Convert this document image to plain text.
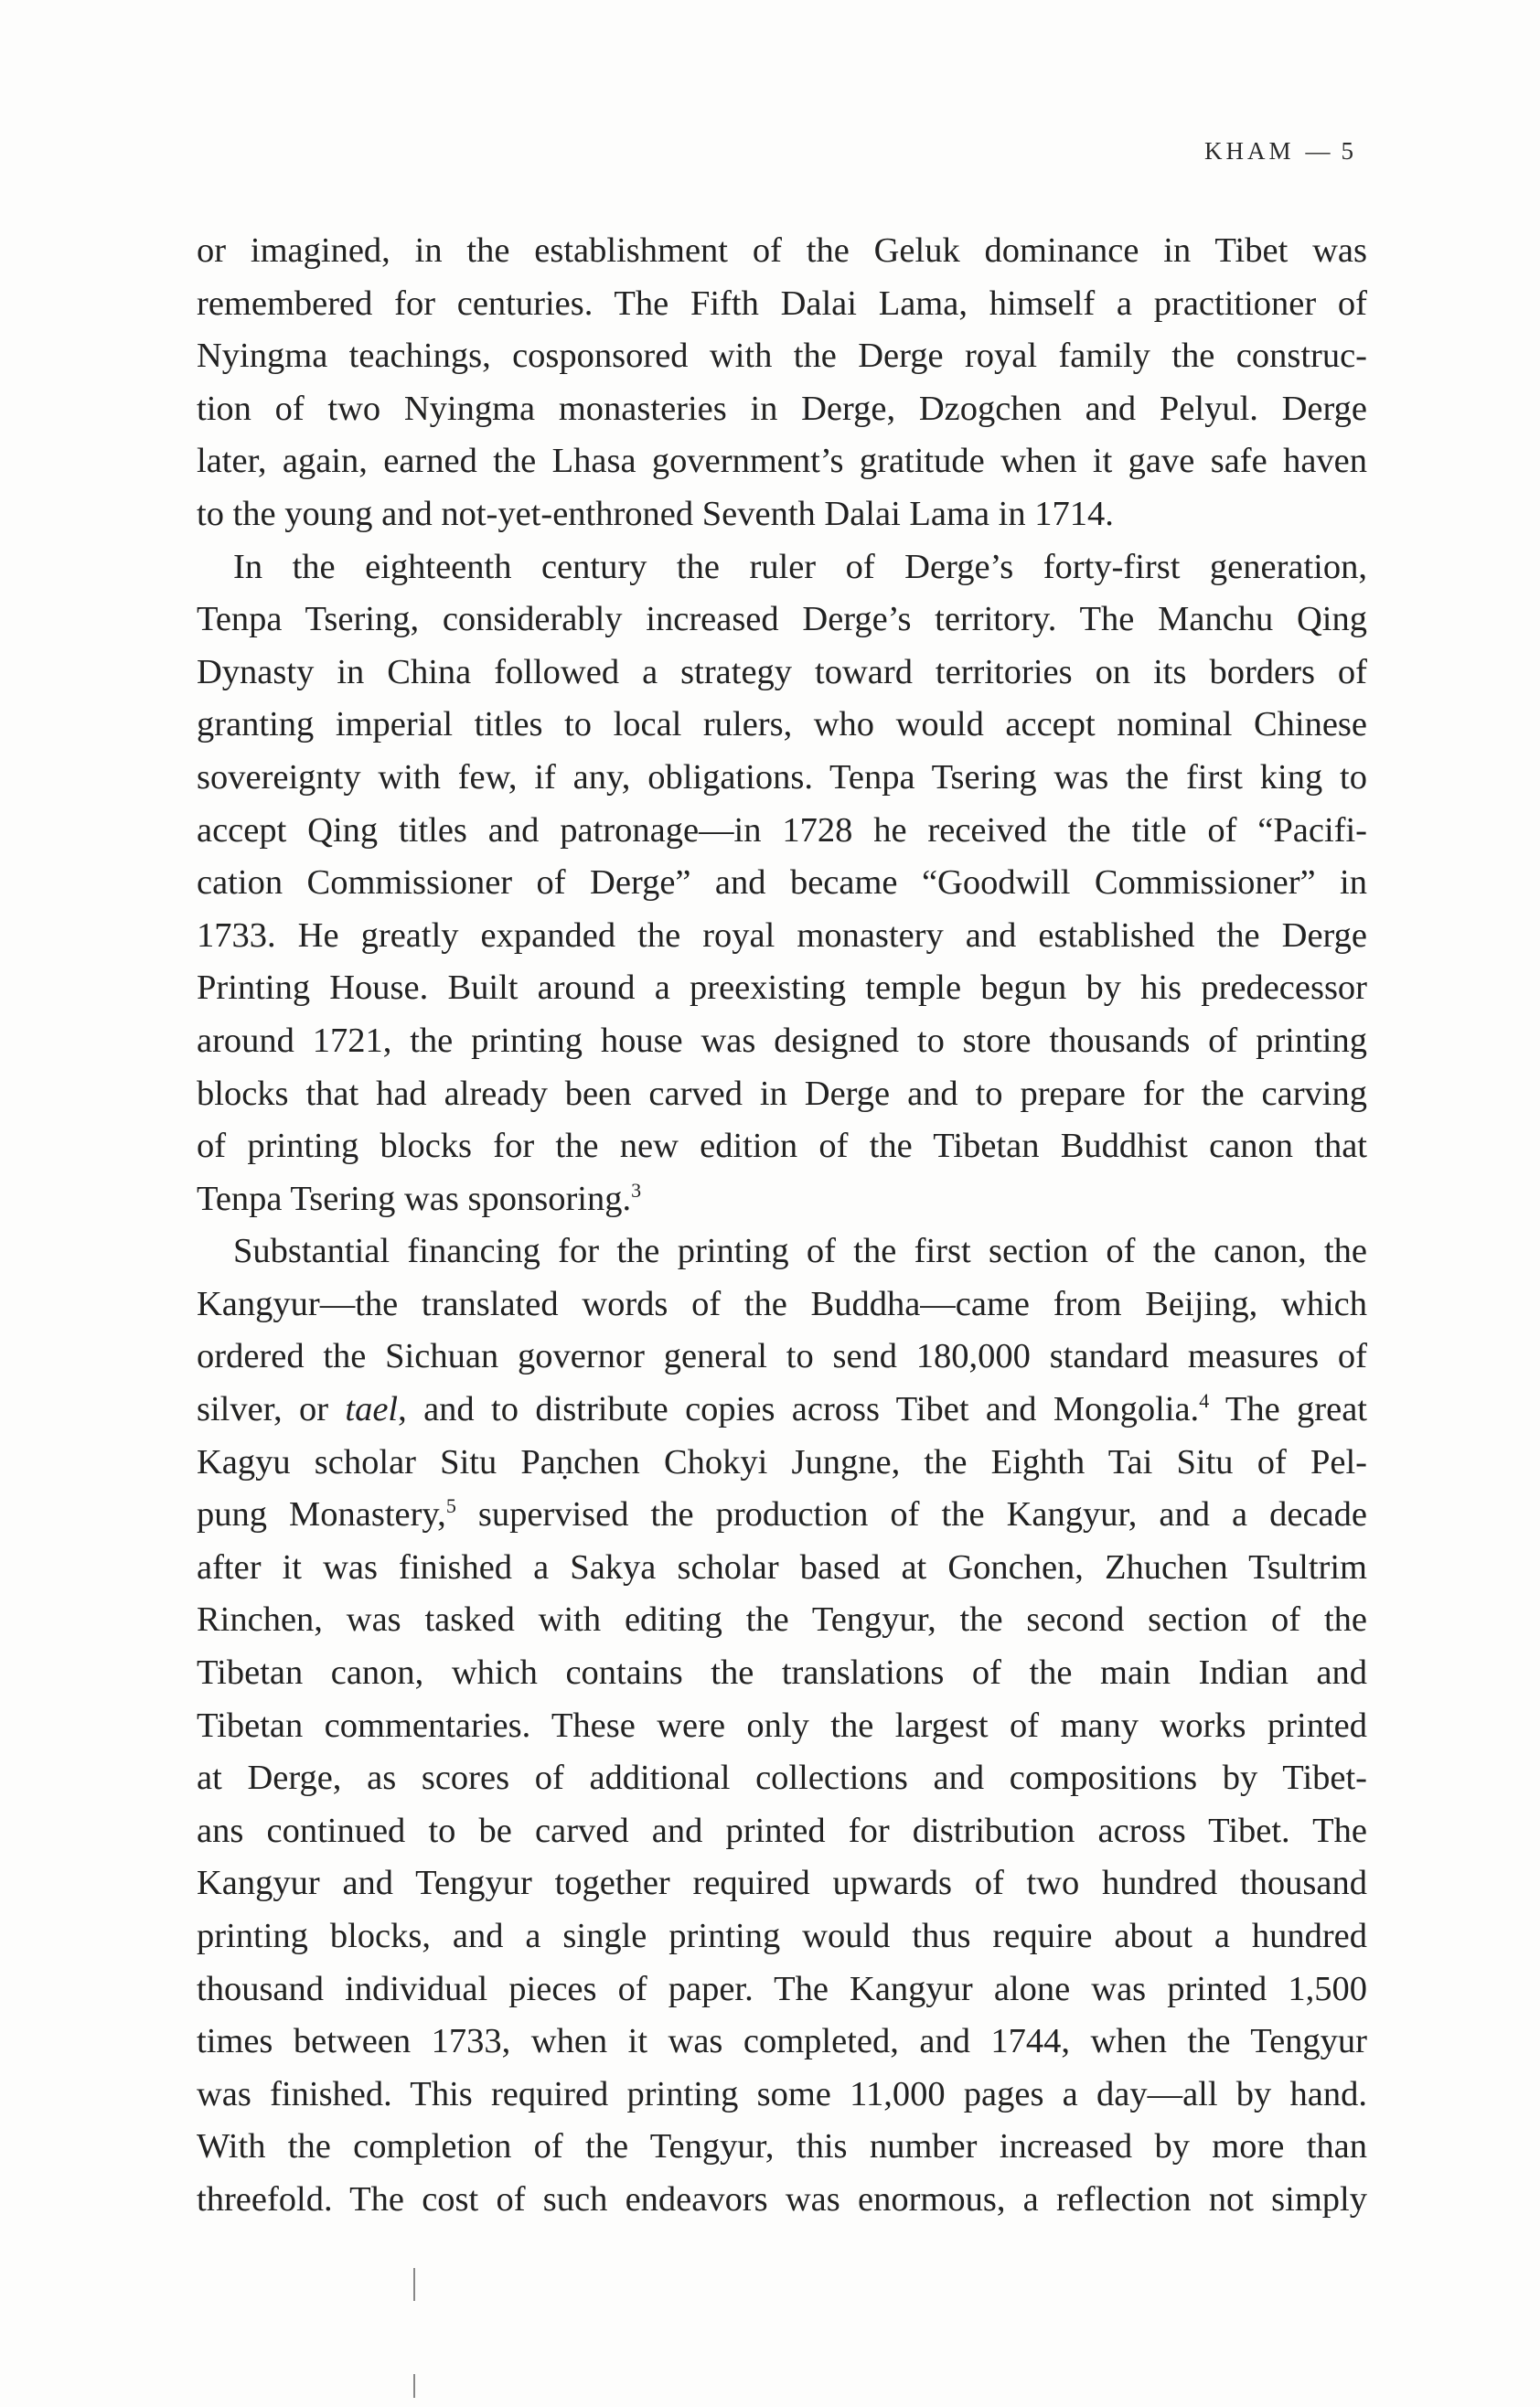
KHAM — 5
or imagined, in the establishment of the Geluk dominance in Tibet was
remembered for centuries. The Fifth Dalai Lama, himself a practitioner of
Nyingma teachings, cosponsored with the Derge royal family the construc-
tion of two Nyingma monasteries in Derge, Dzogchen and Pelyul. Derge
later, again, earned the Lhasa government’s gratitude when it gave safe haven
to the young and not-yet-enthroned Seventh Dalai Lama in 1714.
In the eighteenth century the ruler of Derge’s forty-first generation,
Tenpa Tsering, considerably increased Derge’s territory. The Manchu Qing
Dynasty in China followed a strategy toward territories on its borders of
granting imperial titles to local rulers, who would accept nominal Chinese
sovereignty with few, if any, obligations. Tenpa Tsering was the first king to
accept Qing titles and patronage—in 1728 he received the title of “Pacifi-
cation Commissioner of Derge” and became “Goodwill Commissioner” in
1733. He greatly expanded the royal monastery and established the Derge
Printing House. Built around a preexisting temple begun by his predecessor
around 1721, the printing house was designed to store thousands of printing
blocks that had already been carved in Derge and to prepare for the carving
of printing blocks for the new edition of the Tibetan Buddhist canon that
Tenpa Tsering was sponsoring.$^3$
Substantial financing for the printing of the first section of the canon, the
Kangyur—the translated words of the Buddha—came from Beijing, which
ordered the Sichuan governor general to send 180,000 standard measures of
silver, or tael, and to distribute copies across Tibet and Mongolia.$^4$ The great
Kagyu scholar Situ Paṇchen Chokyi Jungne, the Eighth Tai Situ of Pel-
pung Monastery,$^5$ supervised the production of the Kangyur, and a decade
after it was finished a Sakya scholar based at Gonchen, Zhuchen Tsultrim
Rinchen, was tasked with editing the Tengyur, the second section of the
Tibetan canon, which contains the translations of the main Indian and
Tibetan commentaries. These were only the largest of many works printed
at Derge, as scores of additional collections and compositions by Tibet-
ans continued to be carved and printed for distribution across Tibet. The
Kangyur and Tengyur together required upwards of two hundred thousand
printing blocks, and a single printing would thus require about a hundred
thousand individual pieces of paper. The Kangyur alone was printed 1,500
times between 1733, when it was completed, and 1744, when the Tengyur
was finished. This required printing some 11,000 pages a day—all by hand.
With the completion of the Tengyur, this number increased by more than
threefold. The cost of such endeavors was enormous, a reflection not simply
